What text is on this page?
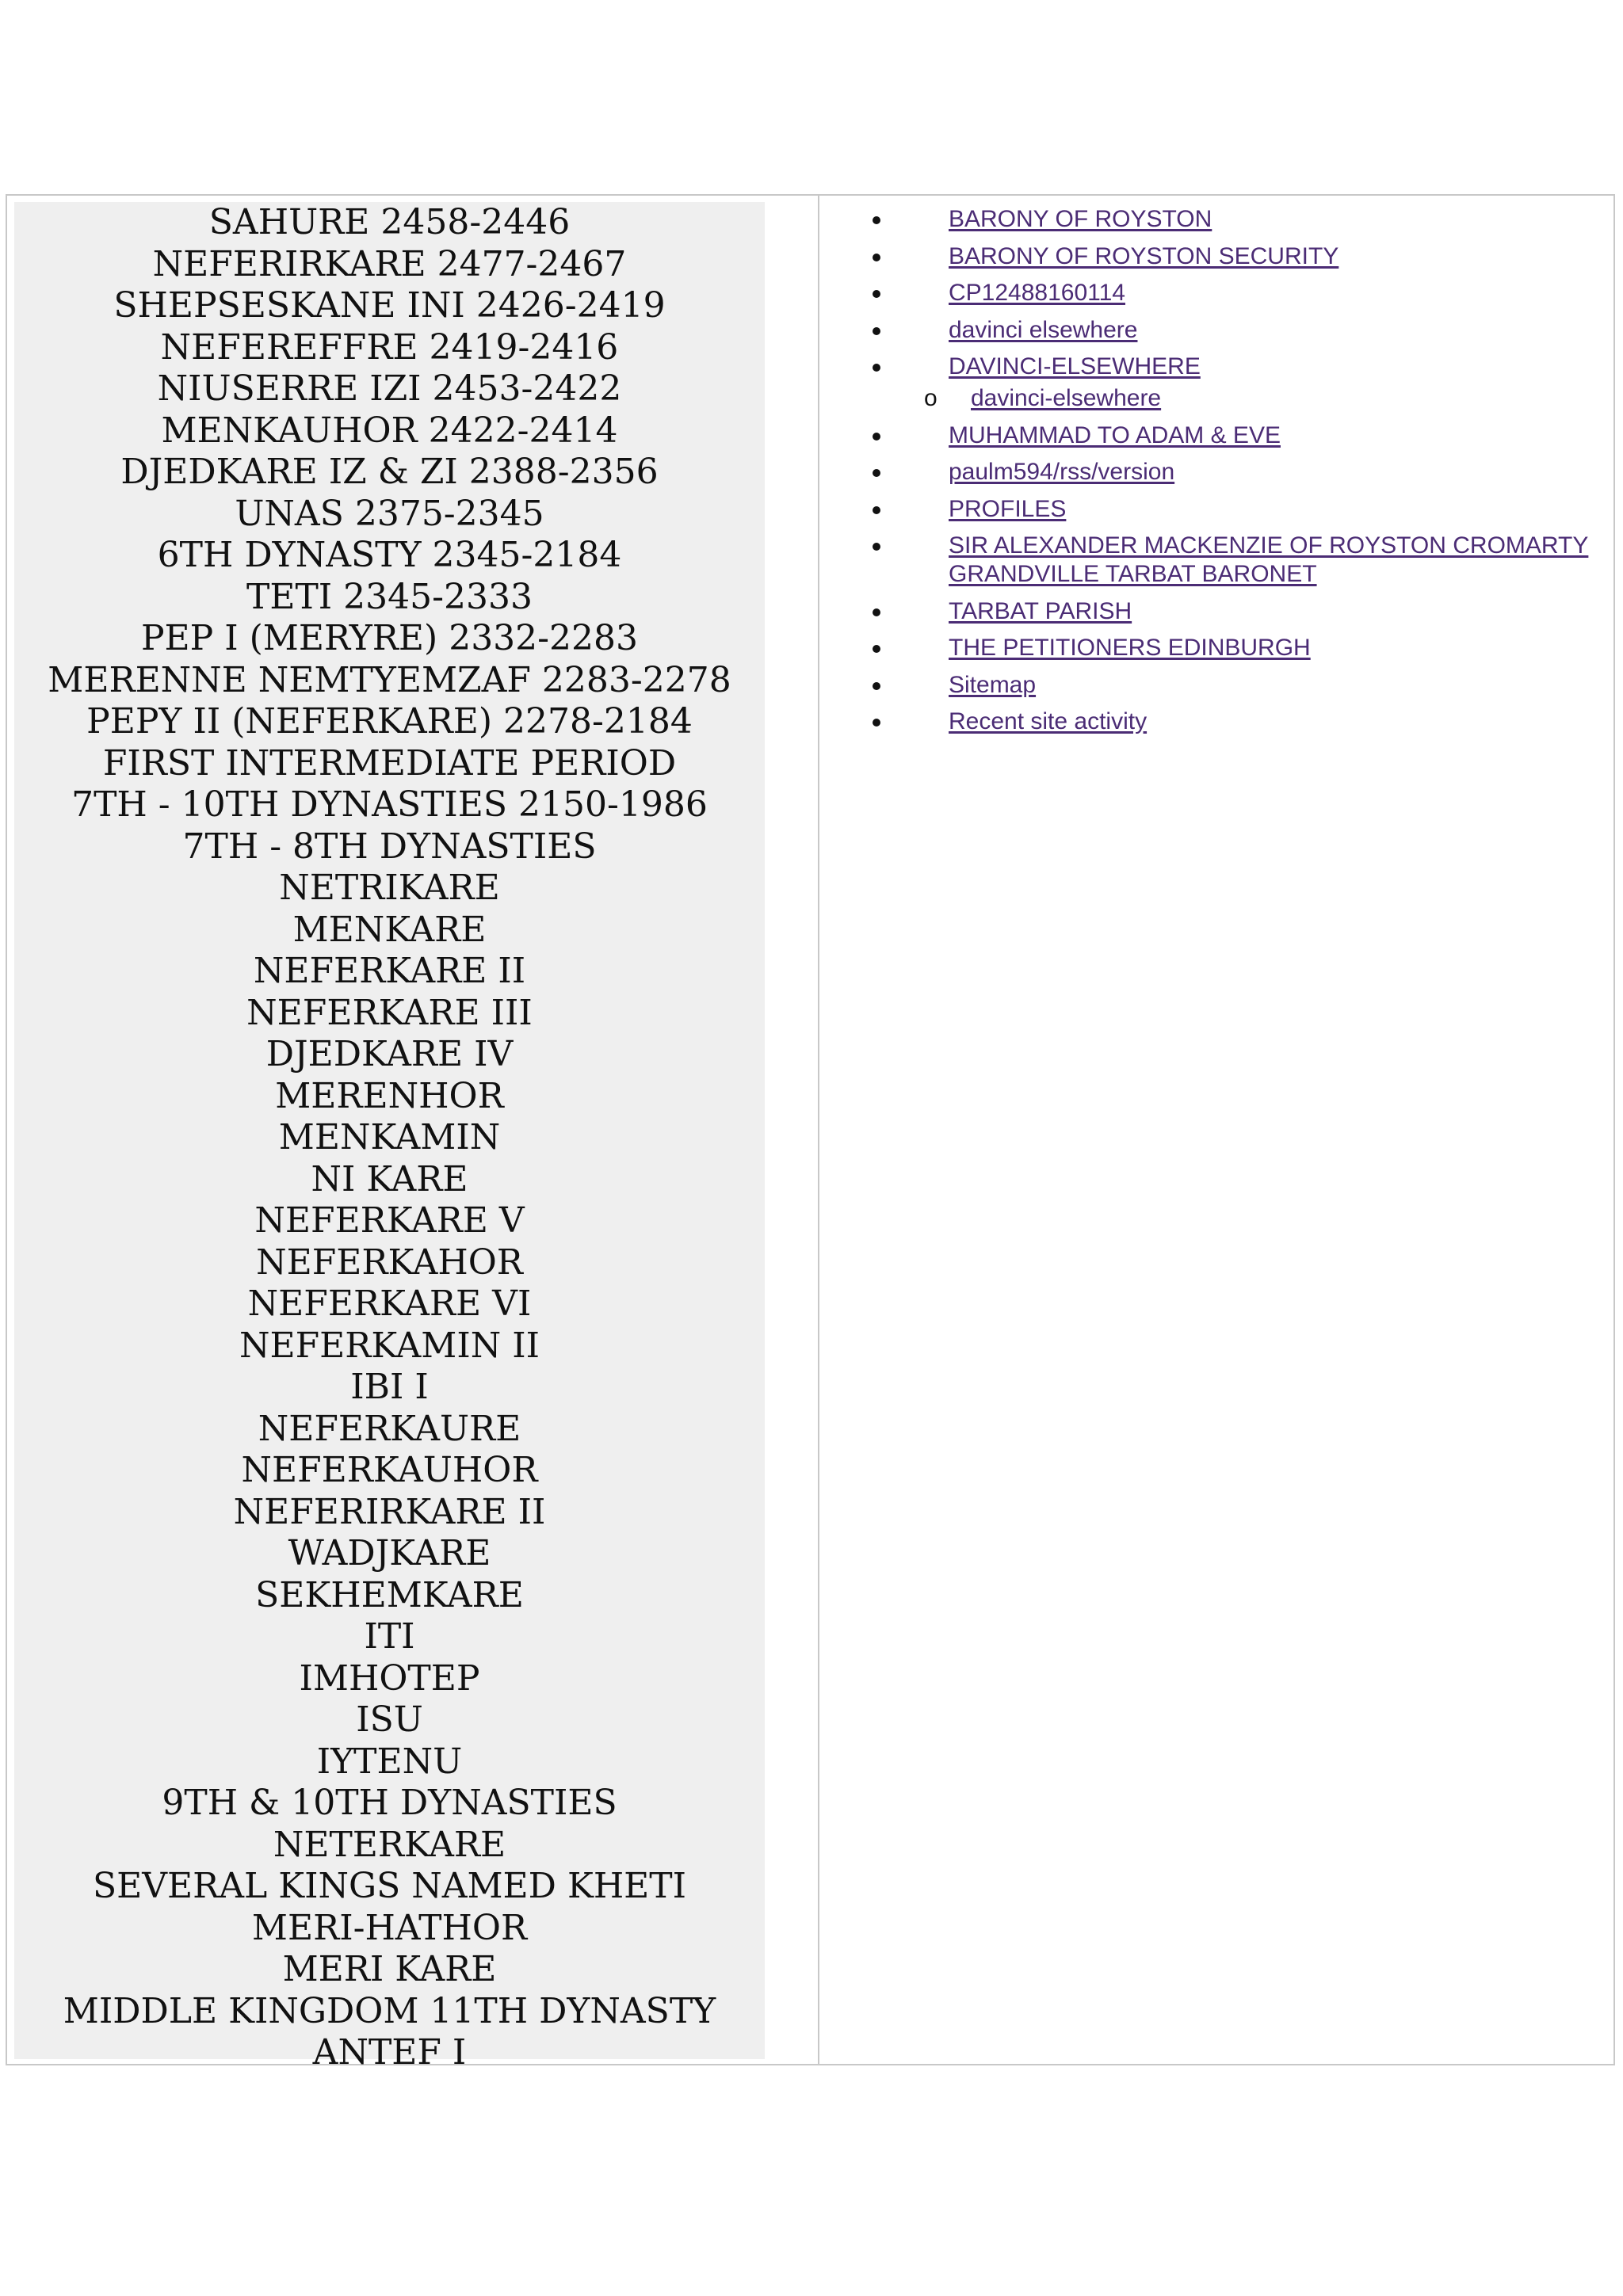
SAHURE 2458-2446
NEFERIRKARE 2477-2467
SHEPSESKANE INI 2426-2419
NEFEREFFRE 2419-2416
NIUSERRE IZI 2453-2422
MENKAUHOR 2422-2414
DJEDKARE IZ & ZI 2388-2356
UNAS 2375-2345
6TH DYNASTY 2345-2184
TETI 2345-2333
PEP I (MERYRE) 2332-2283
MERENNE NEMTYEMZAF 2283-2278
PEPY II (NEFERKARE) 2278-2184
FIRST INTERMEDIATE PERIOD
7TH - 10TH DYNASTIES 2150-1986
7TH - 8TH DYNASTIES
NETRIKARE
MENKARE
NEFERKARE II
NEFERKARE III
DJEDKARE IV
MERENHOR
MENKAMIN
NI KARE
NEFERKARE V
NEFERKAHOR
NEFERKARE VI
NEFERKAMIN II
IBI I
NEFERKAURE
NEFERKAUHOR
NEFERIRKARE II
WADJKARE
SEKHEMKARE
ITI
IMHOTEP
ISU
IYTENU
9TH & 10TH DYNASTIES
NETERKARE
SEVERAL KINGS NAMED KHETI
MERI-HATHOR
MERI KARE
MIDDLE KINGDOM 11TH DYNASTY
ANTEF I
BARONY OF ROYSTON
BARONY OF ROYSTON SECURITY
CP12488160114
davinci elsewhere
DAVINCI-ELSEWHERE
o davinci-elsewhere
MUHAMMAD TO ADAM & EVE
paulm594/rss/version
PROFILES
SIR ALEXANDER MACKENZIE OF ROYSTON CROMARTY GRANDVILLE TARBAT BARONET
TARBAT PARISH
THE PETITIONERS EDINBURGH
Sitemap
Recent site activity
